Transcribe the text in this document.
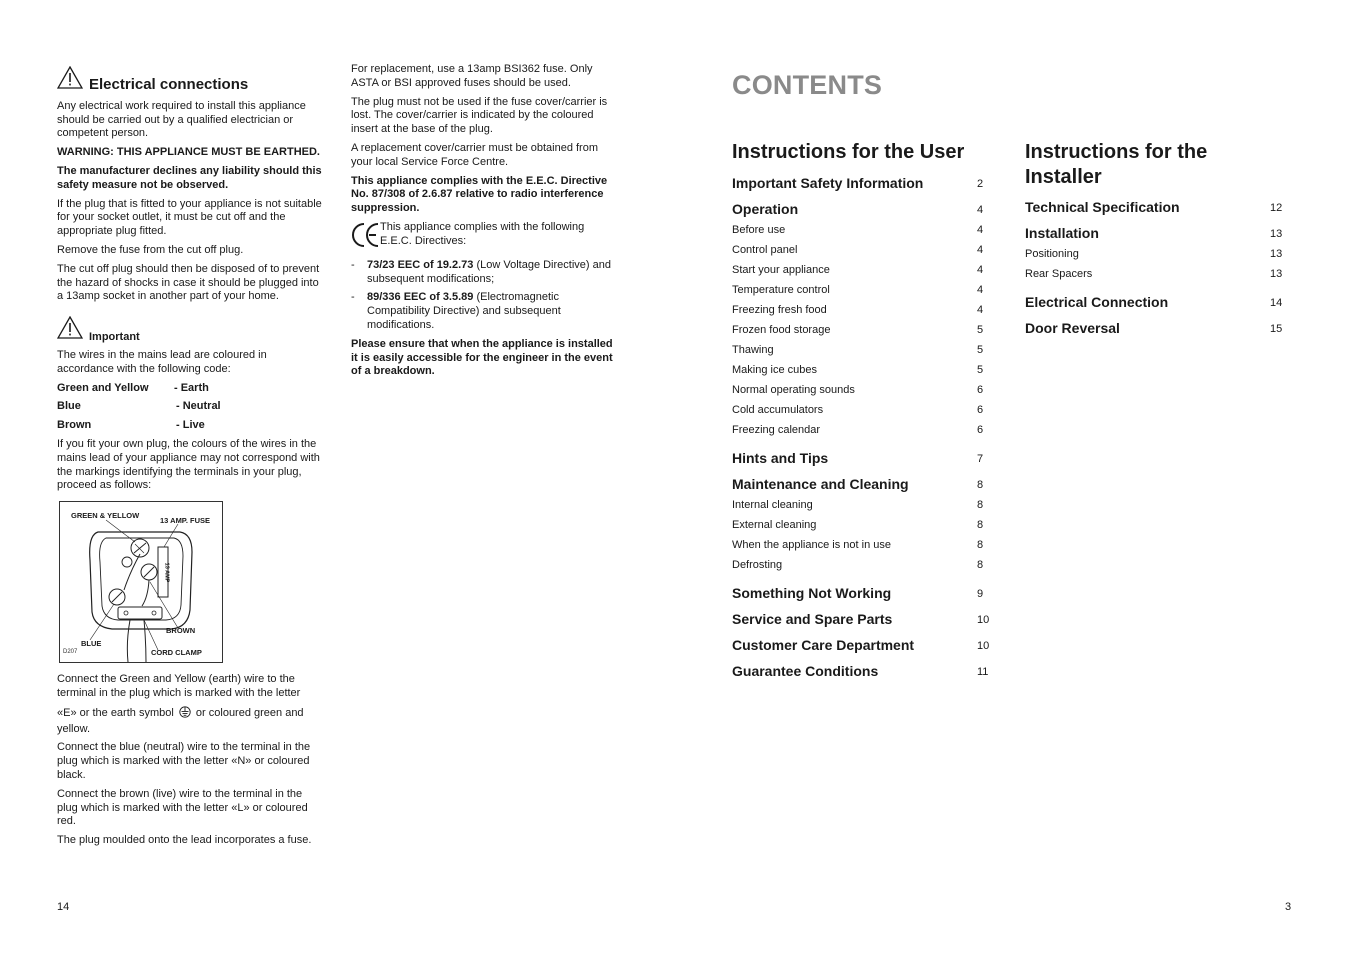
Electrical connections

Any electrical work required to install this appliance should be carried out by a qualified electrician or competent person.

WARNING: THIS APPLIANCE MUST BE EARTHED.

The manufacturer declines any liability should this safety measure not be observed.

If the plug that is fitted to your appliance is not suitable for your socket outlet, it must be cut off and the appropriate plug fitted.

Remove the fuse from the cut off plug.

The cut off plug should then be disposed of to prevent the hazard of shocks in case it should be plugged into a 13amp socket in another part of your home.

Important

The wires in the mains lead are coloured in accordance with the following code:

Green and Yellow	- Earth
Blue	- Neutral
Brown	- Live

If you fit your own plug, the colours of the wires in the mains lead of your appliance may not correspond with the markings identifying the terminals in your plug, proceed as follows:

GREEN & YELLOW
13 AMP. FUSE
13 AMP
BLUE
BROWN
CORD CLAMP
D207

Connect the Green and Yellow (earth) wire to the terminal in the plug which is marked with the letter

«E» or the earth symbol or coloured green and yellow.

Connect the blue (neutral) wire to the terminal in the plug which is marked with the letter «N» or coloured black.

Connect the brown (live) wire to the terminal in the plug which is marked with the letter «L» or coloured red.

The plug moulded onto the lead incorporates a fuse.

For replacement, use a 13amp BSI362 fuse. Only ASTA or BSI approved fuses should be used.

The plug must not be used if the fuse cover/carrier is lost. The cover/carrier is indicated by the coloured insert at the base of the plug.

A replacement cover/carrier must be obtained from your local Service Force Centre.

This appliance complies with the E.E.C. Directive No. 87/308 of 2.6.87 relative to radio interference suppression.

This appliance complies with the following E.E.C. Directives:
-	73/23 EEC of 19.2.73 (Low Voltage Directive) and subsequent modifications;
-	89/336 EEC of 3.5.89 (Electromagnetic Compatibility Directive) and subsequent modifications.

Please ensure that when the appliance is installed it is easily accessible for the engineer in the event of a breakdown.

14
CONTENTS
Instructions for the User
Important Safety Information	2
Operation	4
Before use	4
Control panel	4
Start your appliance	4
Temperature control	4
Freezing fresh food	4
Frozen food storage	5
Thawing	5
Making ice cubes	5
Normal operating sounds	6
Cold accumulators	6
Freezing calendar	6
Hints and Tips	7
Maintenance and Cleaning	8
Internal cleaning	8
External cleaning	8
When the appliance is not in use	8
Defrosting	8
Something Not Working	9
Service and Spare Parts	10
Customer Care Department	10
Guarantee Conditions	11
Instructions for the
Installer
Technical Specification	12
Installation	13
Positioning	13
Rear Spacers	13
Electrical Connection	14
Door Reversal	15
3
